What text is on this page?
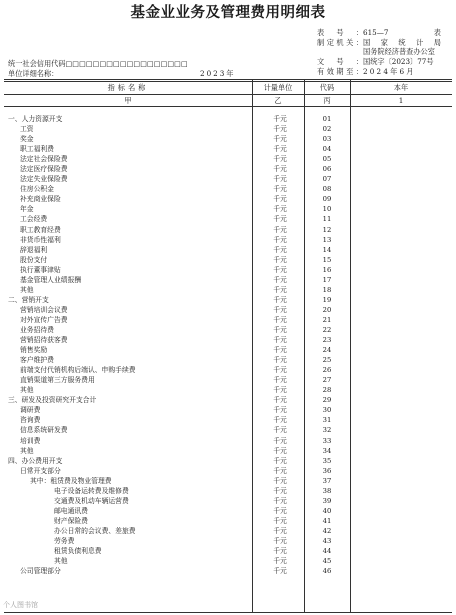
基金业业务及管理费用明细表
表号：615—7表
制定机关：国家统计局
国务院经济普查办公室
文号：国统字〔2023〕77号
有效期至：2024年6月
统一社会信用代码□□□□□□□□□□□□□□□□□□
单位详细名称：	2023年
指标名称	计量单位	代码	本年
甲	乙	丙	1
一、人力资源开支	千元	01
工资	千元	02
奖金	千元	03
职工福利费	千元	04
法定社会保险费	千元	05
法定医疗保险费	千元	06
法定失业保险费	千元	07
住房公积金	千元	08
补充商业保险	千元	09
年金	千元	10
工会经费	千元	11
职工教育经费	千元	12
非货币性福利	千元	13
辞退福利	千元	14
股份支付	千元	15
执行董事津贴	千元	16
基金管理人业绩报酬	千元	17
其他	千元	18
二、营销开支	千元	19
营销培训会议费	千元	20
对外宣传广告费	千元	21
业务招待费	千元	22
营销招待获客费	千元	23
销售奖励	千元	24
客户维护费	千元	25
前端支付代销机构后端认、申购手续费	千元	26
直销渠道第三方服务费用	千元	27
其他	千元	28
三、研发及投资研究开支合计	千元	29
调研费	千元	30
咨询费	千元	31
信息系统研发费	千元	32
培训费	千元	33
其他	千元	34
四、办公费用开支	千元	35
日常开支部分	千元	36
其中：租赁费及物业管理费	千元	37
电子设备运转费及维修费	千元	38
交通费及机动车辆运营费	千元	39
邮电通讯费	千元	40
财产保险费	千元	41
办公日常的会议费、差旅费	千元	42
劳务费	千元	43
租赁负债利息费	千元	44
其他	千元	45
公司管理部分	千元	46
个人图书馆
